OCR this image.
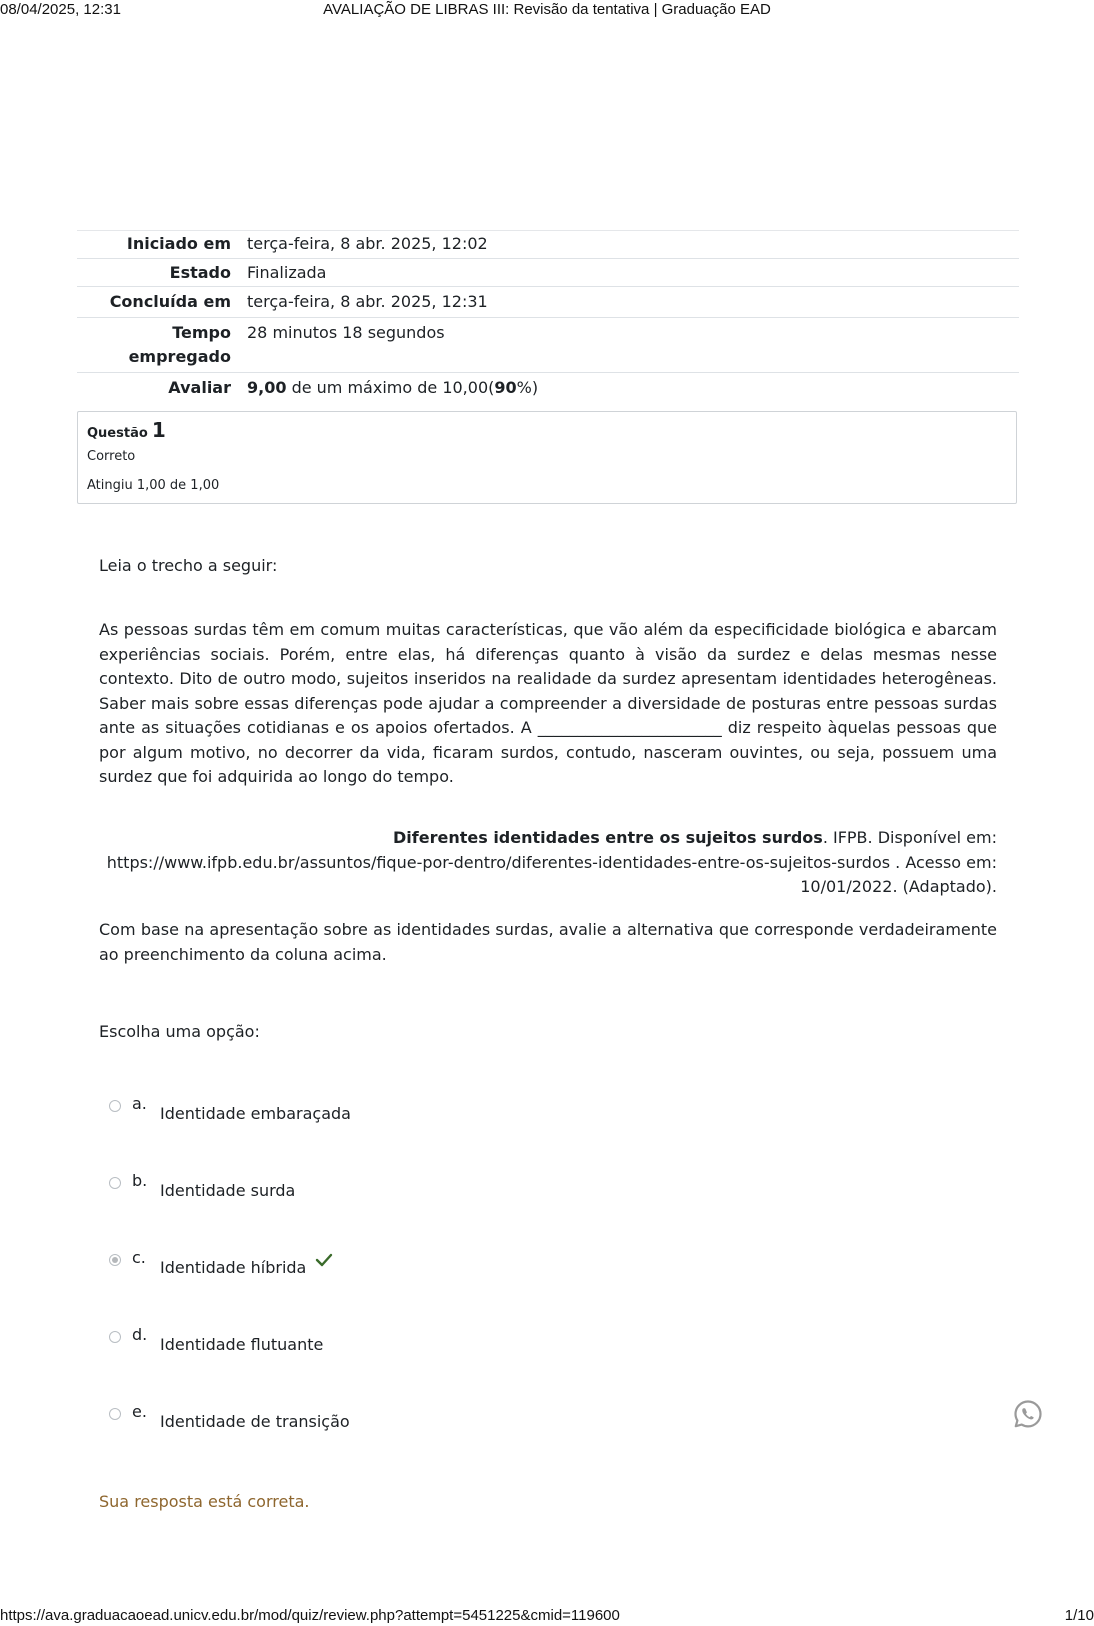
08/04/2025, 12:31	AVALIAÇÃO DE LIBRAS III: Revisão da tentativa | Graduação EAD
Iniciado em	terça-feira, 8 abr. 2025, 12:02
Estado	Finalizada
Concluída em	terça-feira, 8 abr. 2025, 12:31
Tempo empregado	28 minutos 18 segundos
Avaliar	9,00 de um máximo de 10,00(90%)
Questão 1
Correto
Atingiu 1,00 de 1,00
Leia o trecho a seguir:
As pessoas surdas têm em comum muitas características, que vão além da especificidade biológica e abarcam experiências sociais. Porém, entre elas, há diferenças quanto à visão da surdez e delas mesmas nesse contexto. Dito de outro modo, sujeitos inseridos na realidade da surdez apresentam identidades heterogêneas. Saber mais sobre essas diferenças pode ajudar a compreender a diversidade de posturas entre pessoas surdas ante as situações cotidianas e os apoios ofertados. A _______________________ diz respeito àquelas pessoas que por algum motivo, no decorrer da vida, ficaram surdos, contudo, nasceram ouvintes, ou seja, possuem uma surdez que foi adquirida ao longo do tempo.
Diferentes identidades entre os sujeitos surdos. IFPB. Disponível em: https://www.ifpb.edu.br/assuntos/fique-por-dentro/diferentes-identidades-entre-os-sujeitos-surdos . Acesso em: 10/01/2022. (Adaptado).
Com base na apresentação sobre as identidades surdas, avalie a alternativa que corresponde verdadeiramente ao preenchimento da coluna acima.
Escolha uma opção:
a.
Identidade embaraçada
b.
Identidade surda
c.
Identidade híbrida
d.
Identidade flutuante
e.
Identidade de transição
Sua resposta está correta.
https://ava.graduacaoead.unicv.edu.br/mod/quiz/review.php?attempt=5451225&cmid=119600	1/10
